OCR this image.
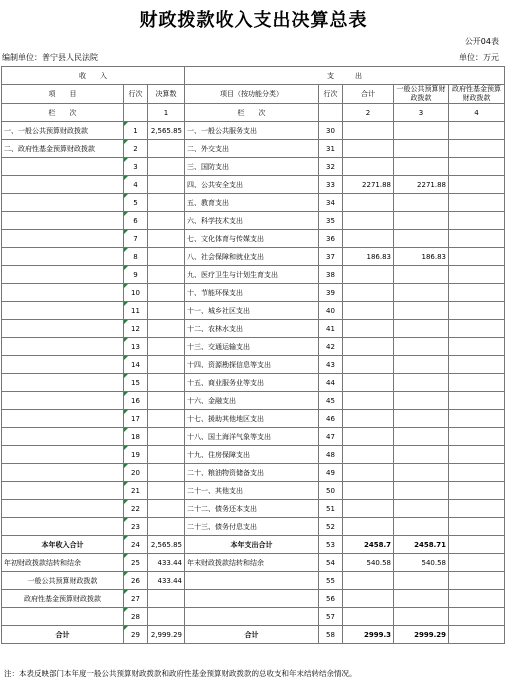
财政拨款收入支出决算总表
公开04表
编制单位：普宁县人民法院	单位：万元
收　　入			支　　　出				
项　　目	行次	决算数	项目（按功能分类）	行次	合计	一般公共预算财政拨款	政府性基金预算财政拨款
栏　　次		1	栏　　次		2	3	4
一、一般公共预算财政拨款	1	2,565.85	一、一般公共服务支出	30			
二、政府性基金预算财政拨款	2		二、外交支出	31			
	3		三、国防支出	32			
	4		四、公共安全支出	33	2271.88	2271.88	
	5		五、教育支出	34			
	6		六、科学技术支出	35			
	7		七、文化体育与传媒支出	36			
	8		八、社会保障和就业支出	37	186.83	186.83	
	9		九、医疗卫生与计划生育支出	38			
	10		十、节能环保支出	39			
	11		十一、城乡社区支出	40			
	12		十二、农林水支出	41			
	13		十三、交通运输支出	42			
	14		十四、资源勘探信息等支出	43			
	15		十五、商业服务业等支出	44			
	16		十六、金融支出	45			
	17		十七、援助其他地区支出	46			
	18		十八、国土海洋气象等支出	47			
	19		十九、住房保障支出	48			
	20		二十、粮油物资储备支出	49			
	21		二十一、其他支出	50			
	22		二十二、债务还本支出	51			
	23		二十三、债务付息支出	52			
本年收入合计	24	2,565.85	本年支出合计	53	2458.7	2458.71	
年初财政拨款结转和结余	25	433.44	年末财政拨款结转和结余	54	540.58	540.58	
一般公共预算财政拨款	26	433.44		55			
政府性基金预算财政拨款	27			56			
	28			57			
合计	29	2,999.29	合计	58	2999.3	2999.29	
注：本表反映部门本年度一般公共预算财政拨款和政府性基金预算财政拨款的总收支和年末结转结余情况。
